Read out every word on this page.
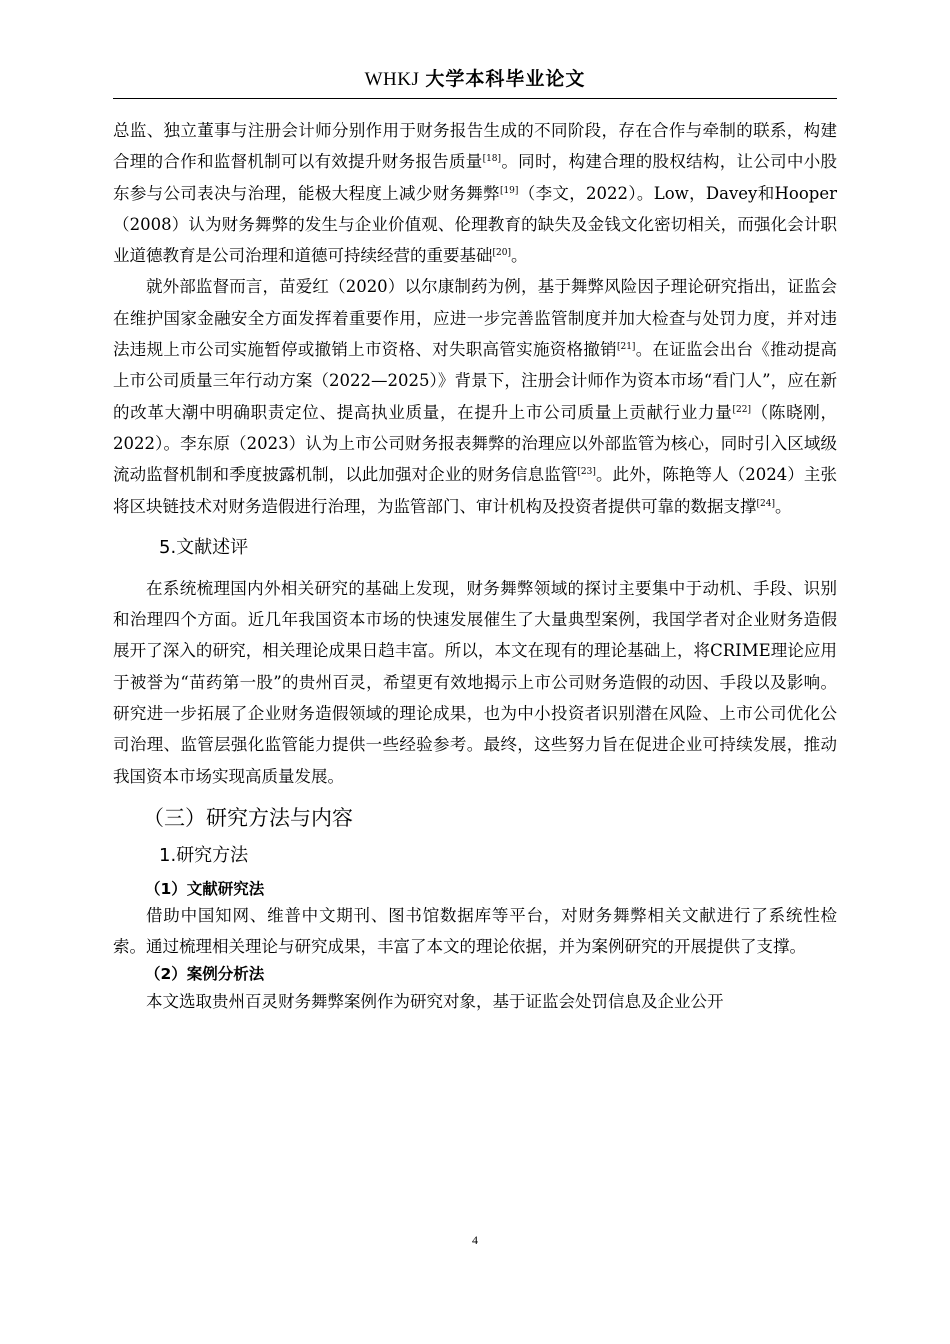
WHKJ 大学本科毕业论文

总监、独立董事与注册会计师分别作用于财务报告生成的不同阶段，存在合作与牵制的联系，构建合理的合作和监督机制可以有效提升财务报告质量[18]。同时，构建合理的股权结构，让公司中小股东参与公司表决与治理，能极大程度上减少财务舞弊[19]（李文，2022）。Low，Davey和Hooper（2008）认为财务舞弊的发生与企业价值观、伦理教育的缺失及金钱文化密切相关，而强化会计职业道德教育是公司治理和道德可持续经营的重要基础[20]。

就外部监督而言，苗爱红（2020）以尔康制药为例，基于舞弊风险因子理论研究指出，证监会在维护国家金融安全方面发挥着重要作用，应进一步完善监管制度并加大检查与处罚力度，并对违法违规上市公司实施暂停或撤销上市资格、对失职高管实施资格撤销[21]。在证监会出台《推动提高上市公司质量三年行动方案（2022—2025）》背景下，注册会计师作为资本市场“看门人”，应在新的改革大潮中明确职责定位、提高执业质量，在提升上市公司质量上贡献行业力量[22]（陈晓刚，2022）。李东原（2023）认为上市公司财务报表舞弊的治理应以外部监管为核心，同时引入区域级流动监督机制和季度披露机制，以此加强对企业的财务信息监管[23]。此外，陈艳等人（2024）主张将区块链技术对财务造假进行治理，为监管部门、审计机构及投资者提供可靠的数据支撑[24]。

5.文献述评

在系统梳理国内外相关研究的基础上发现，财务舞弊领域的探讨主要集中于动机、手段、识别和治理四个方面。近几年我国资本市场的快速发展催生了大量典型案例，我国学者对企业财务造假展开了深入的研究，相关理论成果日趋丰富。所以，本文在现有的理论基础上，将CRIME理论应用于被誉为“苗药第一股”的贵州百灵，希望更有效地揭示上市公司财务造假的动因、手段以及影响。研究进一步拓展了企业财务造假领域的理论成果，也为中小投资者识别潜在风险、上市公司优化公司治理、监管层强化监管能力提供一些经验参考。最终，这些努力旨在促进企业可持续发展，推动我国资本市场实现高质量发展。

（三）研究方法与内容
1.研究方法
（1）文献研究法

借助中国知网、维普中文期刊、图书馆数据库等平台，对财务舞弊相关文献进行了系统性检索。通过梳理相关理论与研究成果，丰富了本文的理论依据，并为案例研究的开展提供了支撑。

（2）案例分析法

本文选取贵州百灵财务舞弊案例作为研究对象，基于证监会处罚信息及企业公开

4
